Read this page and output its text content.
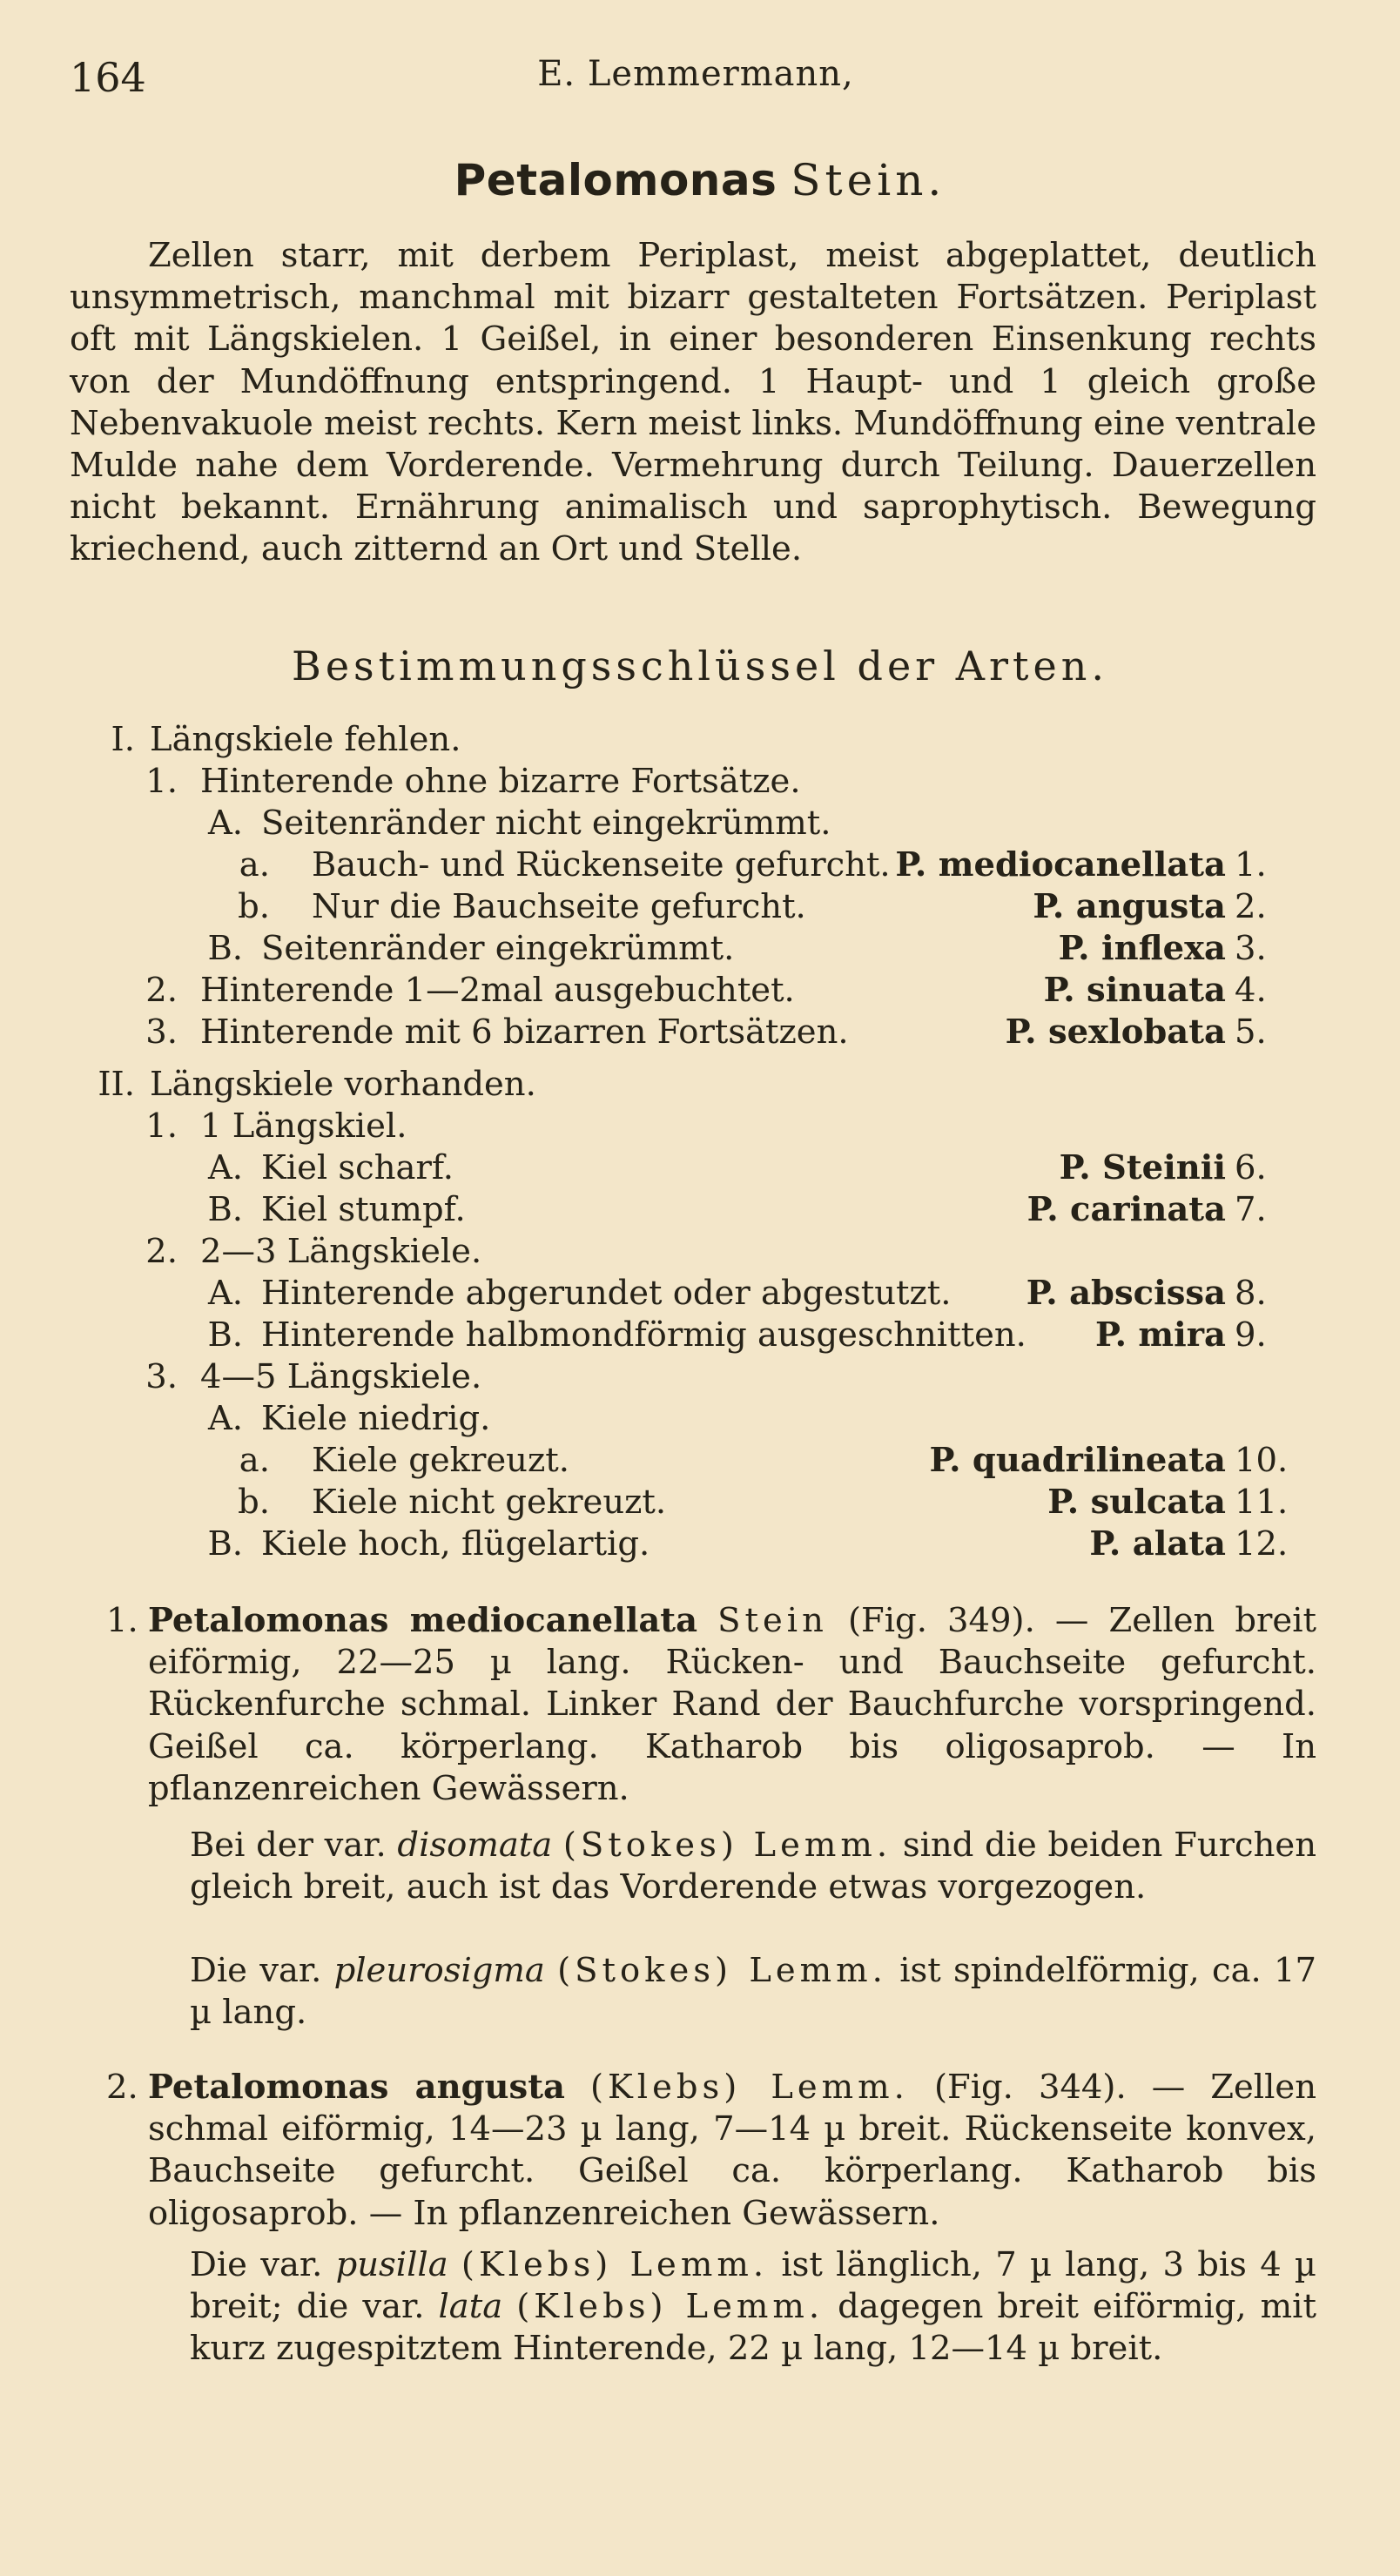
164	E. Lemmermann,
Petalomonas Stein.
Zellen starr, mit derbem Periplast, meist abgeplattet, deutlich unsymmetrisch, manchmal mit bizarr gestalteten Fortsätzen. Periplast oft mit Längskielen. 1 Geißel, in einer besonderen Einsenkung rechts von der Mundöffnung entspringend. 1 Haupt- und 1 gleich große Nebenvakuole meist rechts. Kern meist links. Mundöffnung eine ventrale Mulde nahe dem Vorderende. Vermehrung durch Teilung. Dauerzellen nicht bekannt. Ernährung animalisch und saprophytisch. Bewegung kriechend, auch zitternd an Ort und Stelle.
Bestimmungsschlüssel der Arten.
I. Längskiele fehlen.
1. Hinterende ohne bizarre Fortsätze.
A. Seitenränder nicht eingekrümmt.
a. Bauch- und Rückenseite gefurcht. P. mediocanellata 1.
b. Nur die Bauchseite gefurcht.	P. angusta 2.
B. Seitenränder eingekrümmt.	P. inflexa 3.
2. Hinterende 1—2mal ausgebuchtet.	P. sinuata 4.
3. Hinterende mit 6 bizarren Fortsätzen.	P. sexlobata 5.
II. Längskiele vorhanden.
1. 1 Längskiel.
A. Kiel scharf.	P. Steinii 6.
B. Kiel stumpf.	P. carinata 7.
2. 2—3 Längskiele.
A. Hinterende abgerundet oder abgestutzt. P. abscissa 8.
B. Hinterende halbmondförmig ausgeschnitten. P. mira 9.
3. 4—5 Längskiele.
A. Kiele niedrig.
a. Kiele gekreuzt.	P. quadrilineata 10.
b. Kiele nicht gekreuzt.	P. sulcata 11.
B. Kiele hoch, flügelartig.	P. alata 12.
1. Petalomonas mediocanellata Stein (Fig. 349). — Zellen breit eiförmig, 22—25 µ lang. Rücken- und Bauchseite gefurcht. Rückenfurche schmal. Linker Rand der Bauchfurche vorspringend. Geißel ca. körperlang. Katharob bis oligosaprob. — In pflanzenreichen Gewässern.
Bei der var. disomata (Stokes) Lemm. sind die beiden Furchen gleich breit, auch ist das Vorderende etwas vorgezogen.
Die var. pleurosigma (Stokes) Lemm. ist spindelförmig, ca. 17 µ lang.
2. Petalomonas angusta (Klebs) Lemm. (Fig. 344). — Zellen schmal eiförmig, 14—23 µ lang, 7—14 µ breit. Rückenseite konvex, Bauchseite gefurcht. Geißel ca. körperlang. Katharob bis oligosaprob. — In pflanzenreichen Gewässern.
Die var. pusilla (Klebs) Lemm. ist länglich, 7 µ lang, 3 bis 4 µ breit; die var. lata (Klebs) Lemm. dagegen breit eiförmig, mit kurz zugespitztem Hinterende, 22 µ lang, 12—14 µ breit.
